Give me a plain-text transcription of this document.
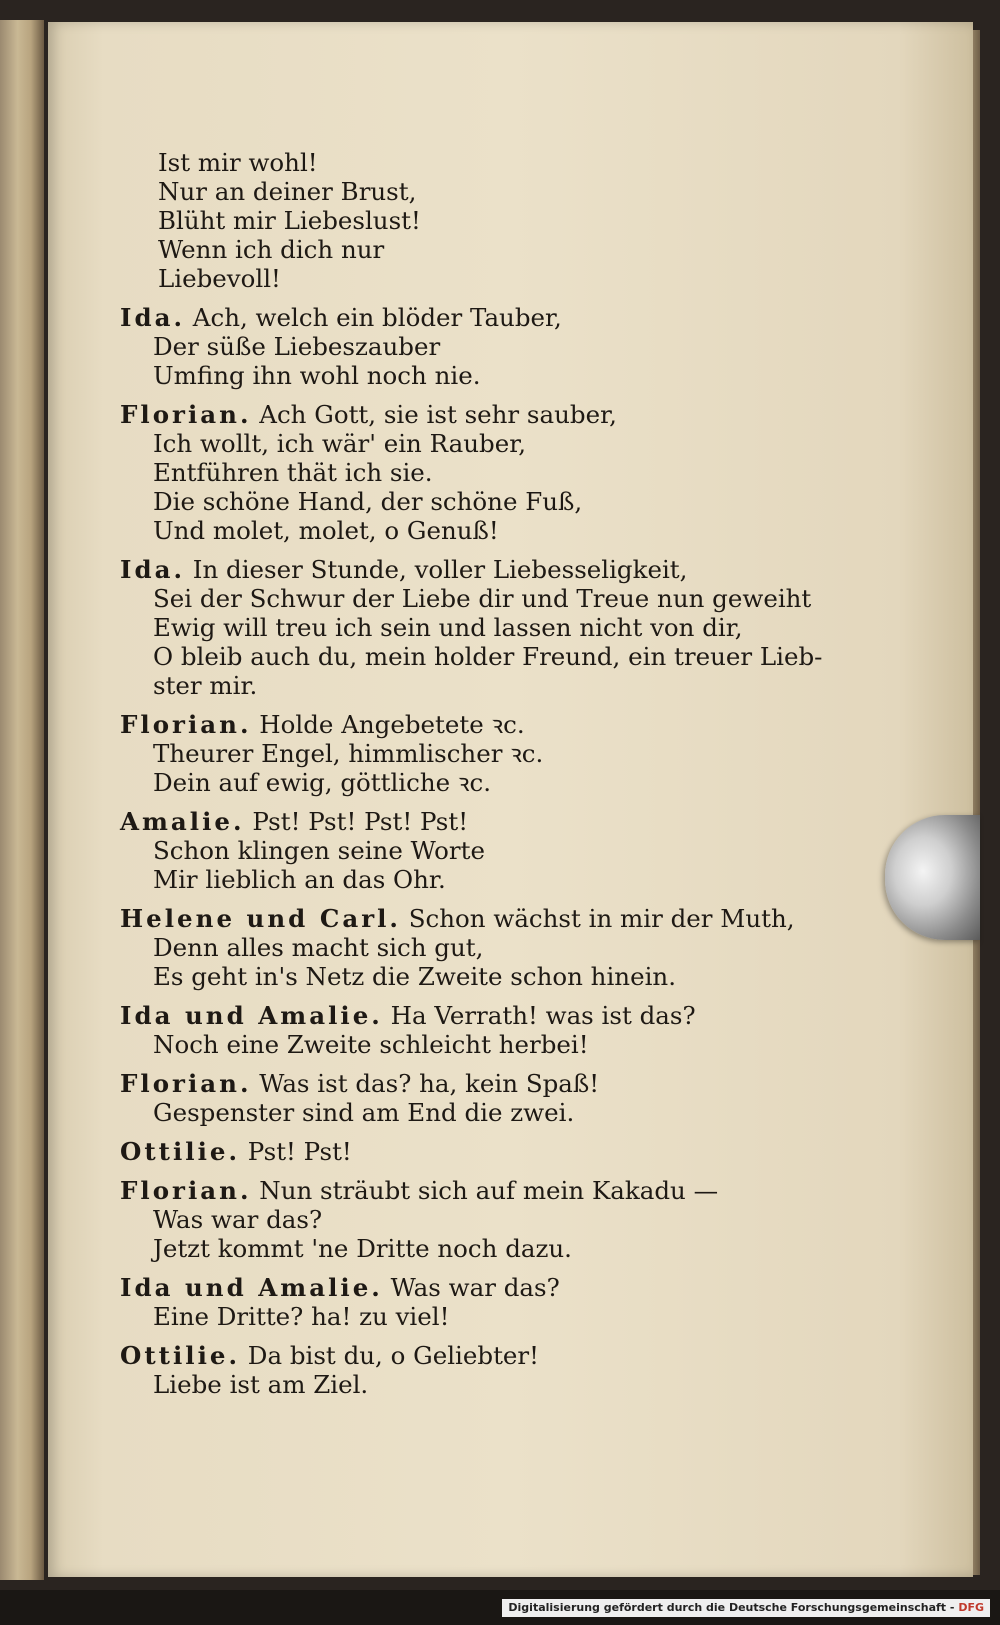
Ist mir wohl!
Nur an deiner Brust,
Blüht mir Liebeslust!
Wenn ich dich nur
Liebevoll!
Ida. Ach, welch ein blöder Tauber,
Der süße Liebeszauber
Umfing ihn wohl noch nie.
Florian. Ach Gott, sie ist sehr sauber,
Ich wollt, ich wär' ein Rauber,
Entführen thät ich sie.
Die schöne Hand, der schöne Fuß,
Und molet, molet, o Genuß!
Ida. In dieser Stunde, voller Liebesseligkeit,
Sei der Schwur der Liebe dir und Treue nun geweiht
Ewig will treu ich sein und lassen nicht von dir,
O bleib auch du, mein holder Freund, ein treuer Lieb-
ster mir.
Florian. Holde Angebetete ꝛc.
Theurer Engel, himmlischer ꝛc.
Dein auf ewig, göttliche ꝛc.
Amalie. Pst! Pst! Pst! Pst!
Schon klingen seine Worte
Mir lieblich an das Ohr.
Helene und Carl. Schon wächst in mir der Muth,
Denn alles macht sich gut,
Es geht in's Netz die Zweite schon hinein.
Ida und Amalie. Ha Verrath! was ist das?
Noch eine Zweite schleicht herbei!
Florian. Was ist das? ha, kein Spaß!
Gespenster sind am End die zwei.
Ottilie. Pst! Pst!
Florian. Nun sträubt sich auf mein Kakadu —
Was war das?
Jetzt kommt 'ne Dritte noch dazu.
Ida und Amalie. Was war das?
Eine Dritte? ha! zu viel!
Ottilie. Da bist du, o Geliebter!
Liebe ist am Ziel.
Digitalisierung gefördert durch die Deutsche Forschungsgemeinschaft - DFG
